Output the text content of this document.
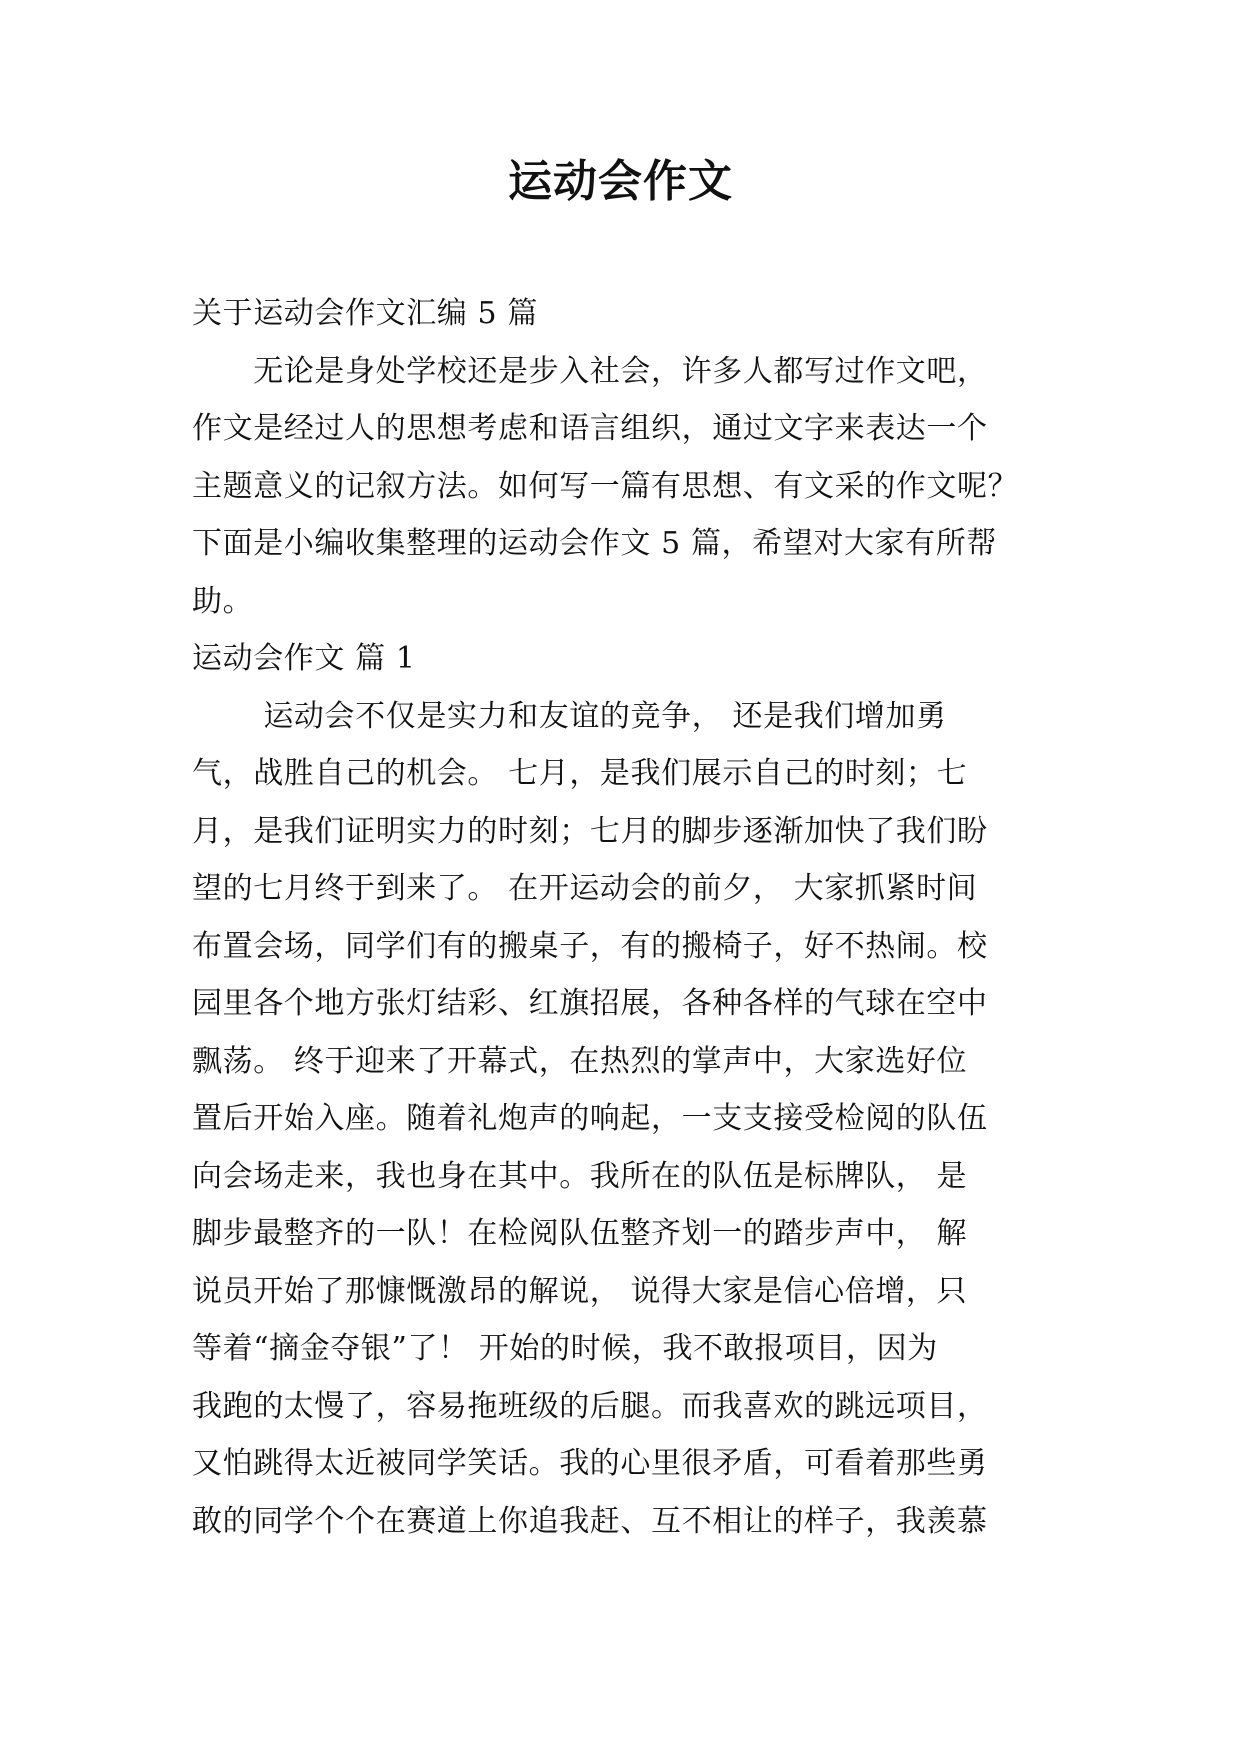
运动会作文
关于运动会作文汇编 5 篇
　　无论是身处学校还是步入社会，许多人都写过作文吧，
作文是经过人的思想考虑和语言组织，通过文字来表达一个
主题意义的记叙方法。如何写一篇有思想、有文采的作文呢？
下面是小编收集整理的运动会作文 5 篇，希望对大家有所帮
助。
运动会作文 篇 1
　　 运动会不仅是实力和友谊的竞争， 还是我们增加勇
气，战胜自己的机会。 七月，是我们展示自己的时刻；七
月，是我们证明实力的时刻；七月的脚步逐渐加快了我们盼
望的七月终于到来了。 在开运动会的前夕， 大家抓紧时间
布置会场，同学们有的搬桌子，有的搬椅子，好不热闹。校
园里各个地方张灯结彩、红旗招展，各种各样的气球在空中
飘荡。 终于迎来了开幕式，在热烈的掌声中，大家选好位
置后开始入座。随着礼炮声的响起，一支支接受检阅的队伍
向会场走来，我也身在其中。我所在的队伍是标牌队， 是
脚步最整齐的一队！在检阅队伍整齐划一的踏步声中， 解
说员开始了那慷慨激昂的解说， 说得大家是信心倍增，只
等着“摘金夺银”了！ 开始的时候，我不敢报项目，因为
我跑的太慢了，容易拖班级的后腿。而我喜欢的跳远项目，
又怕跳得太近被同学笑话。我的心里很矛盾，可看着那些勇
敢的同学个个在赛道上你追我赶、互不相让的样子，我羡慕
